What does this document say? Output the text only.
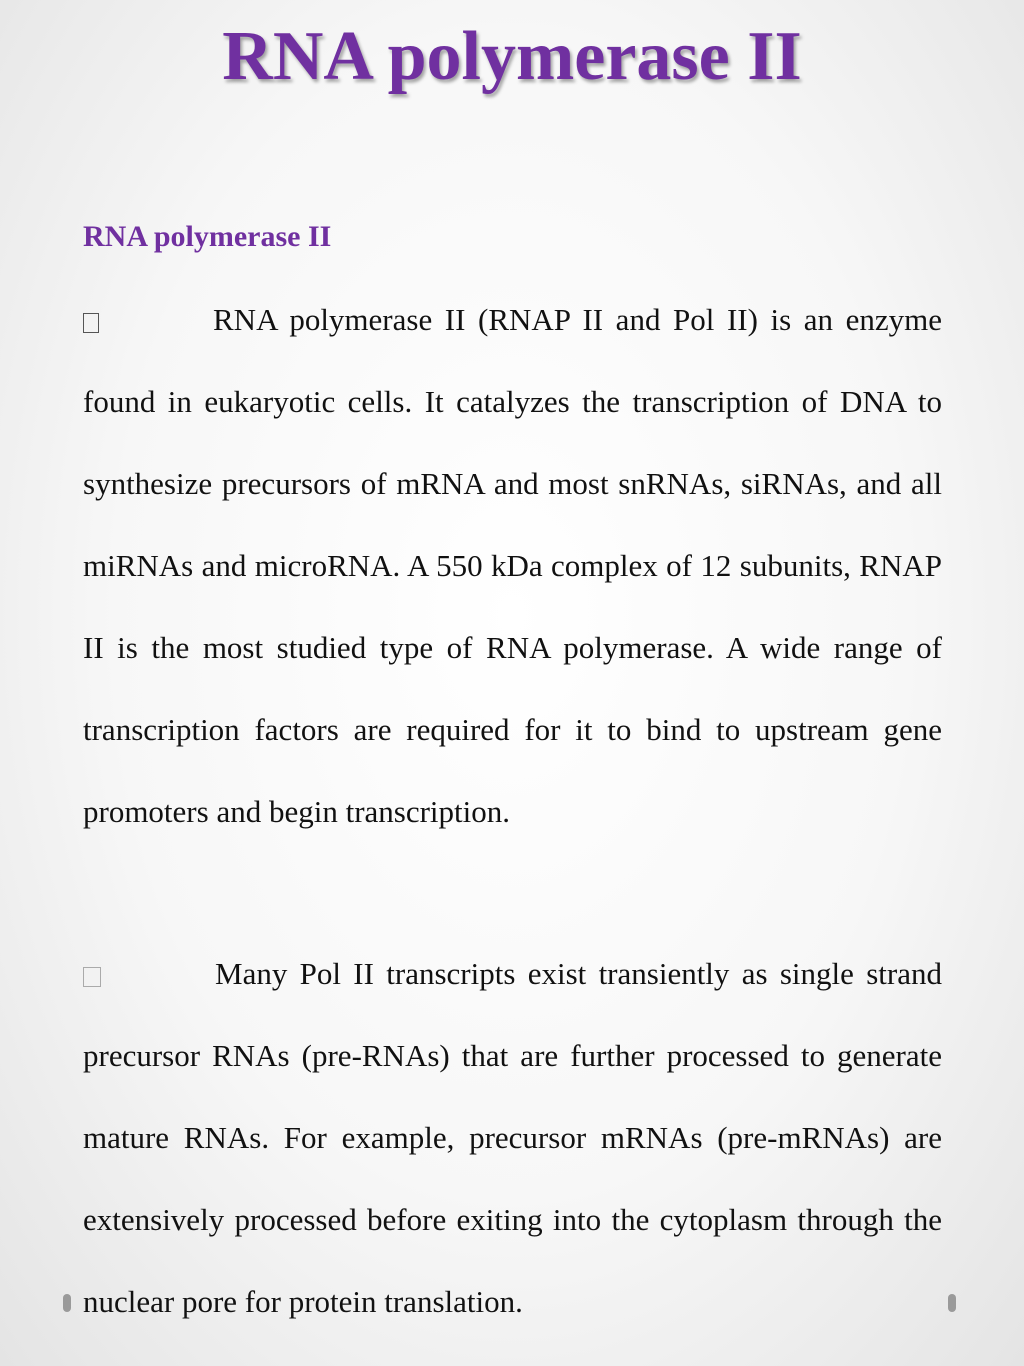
RNA polymerase II
RNA polymerase II
RNA polymerase II (RNAP II and Pol II) is an enzyme found in eukaryotic cells. It catalyzes the transcription of DNA to synthesize precursors of mRNA and most snRNAs, siRNAs, and all miRNAs and microRNA. A 550 kDa complex of 12 subunits, RNAP II is the most studied type of RNA polymerase. A wide range of transcription factors are required for it to bind to upstream gene promoters and begin transcription.
Many Pol II transcripts exist transiently as single strand precursor RNAs (pre-RNAs) that are further processed to generate mature RNAs. For example, precursor mRNAs (pre-mRNAs) are extensively processed before exiting into the cytoplasm through the nuclear pore for protein translation.
